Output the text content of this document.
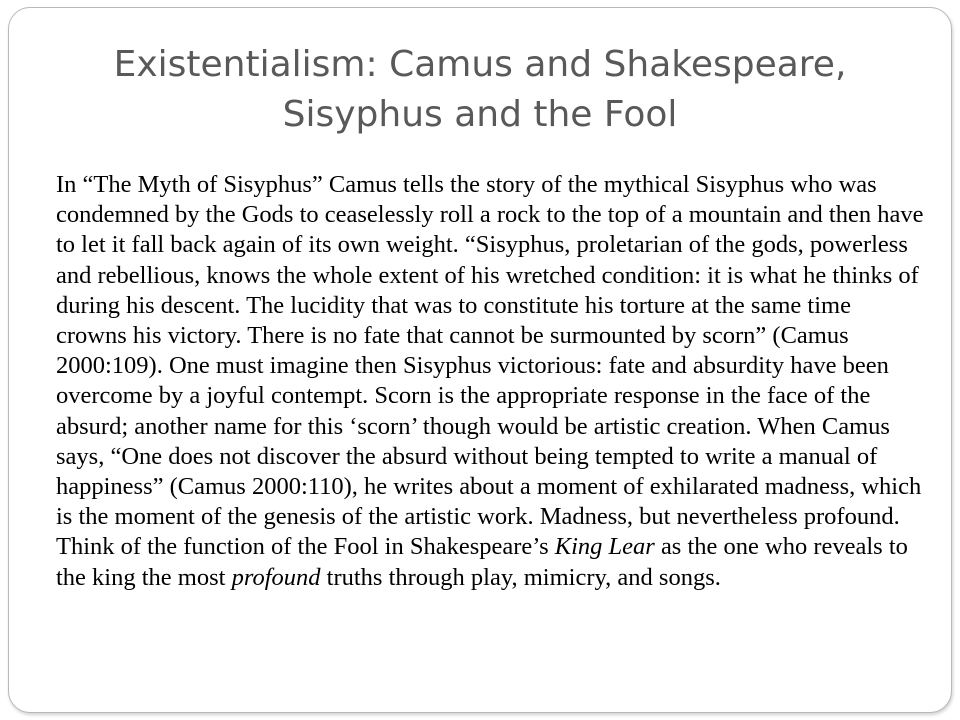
Existentialism: Camus and Shakespeare,
Sisyphus and the Fool

In “The Myth of Sisyphus” Camus tells the story of the mythical Sisyphus who was condemned by the Gods to ceaselessly roll a rock to the top of a mountain and then have to let it fall back again of its own weight. “Sisyphus, proletarian of the gods, powerless and rebellious, knows the whole extent of his wretched condition: it is what he thinks of during his descent. The lucidity that was to constitute his torture at the same time crowns his victory. There is no fate that cannot be surmounted by scorn” (Camus 2000:109). One must imagine then Sisyphus victorious: fate and absurdity have been overcome by a joyful contempt. Scorn is the appropriate response in the face of the absurd; another name for this ‘scorn’ though would be artistic creation. When Camus says, “One does not discover the absurd without being tempted to write a manual of happiness” (Camus 2000:110), he writes about a moment of exhilarated madness, which is the moment of the genesis of the artistic work. Madness, but nevertheless profound. Think of the function of the Fool in Shakespeare’s King Lear as the one who reveals to the king the most profound truths through play, mimicry, and songs.
